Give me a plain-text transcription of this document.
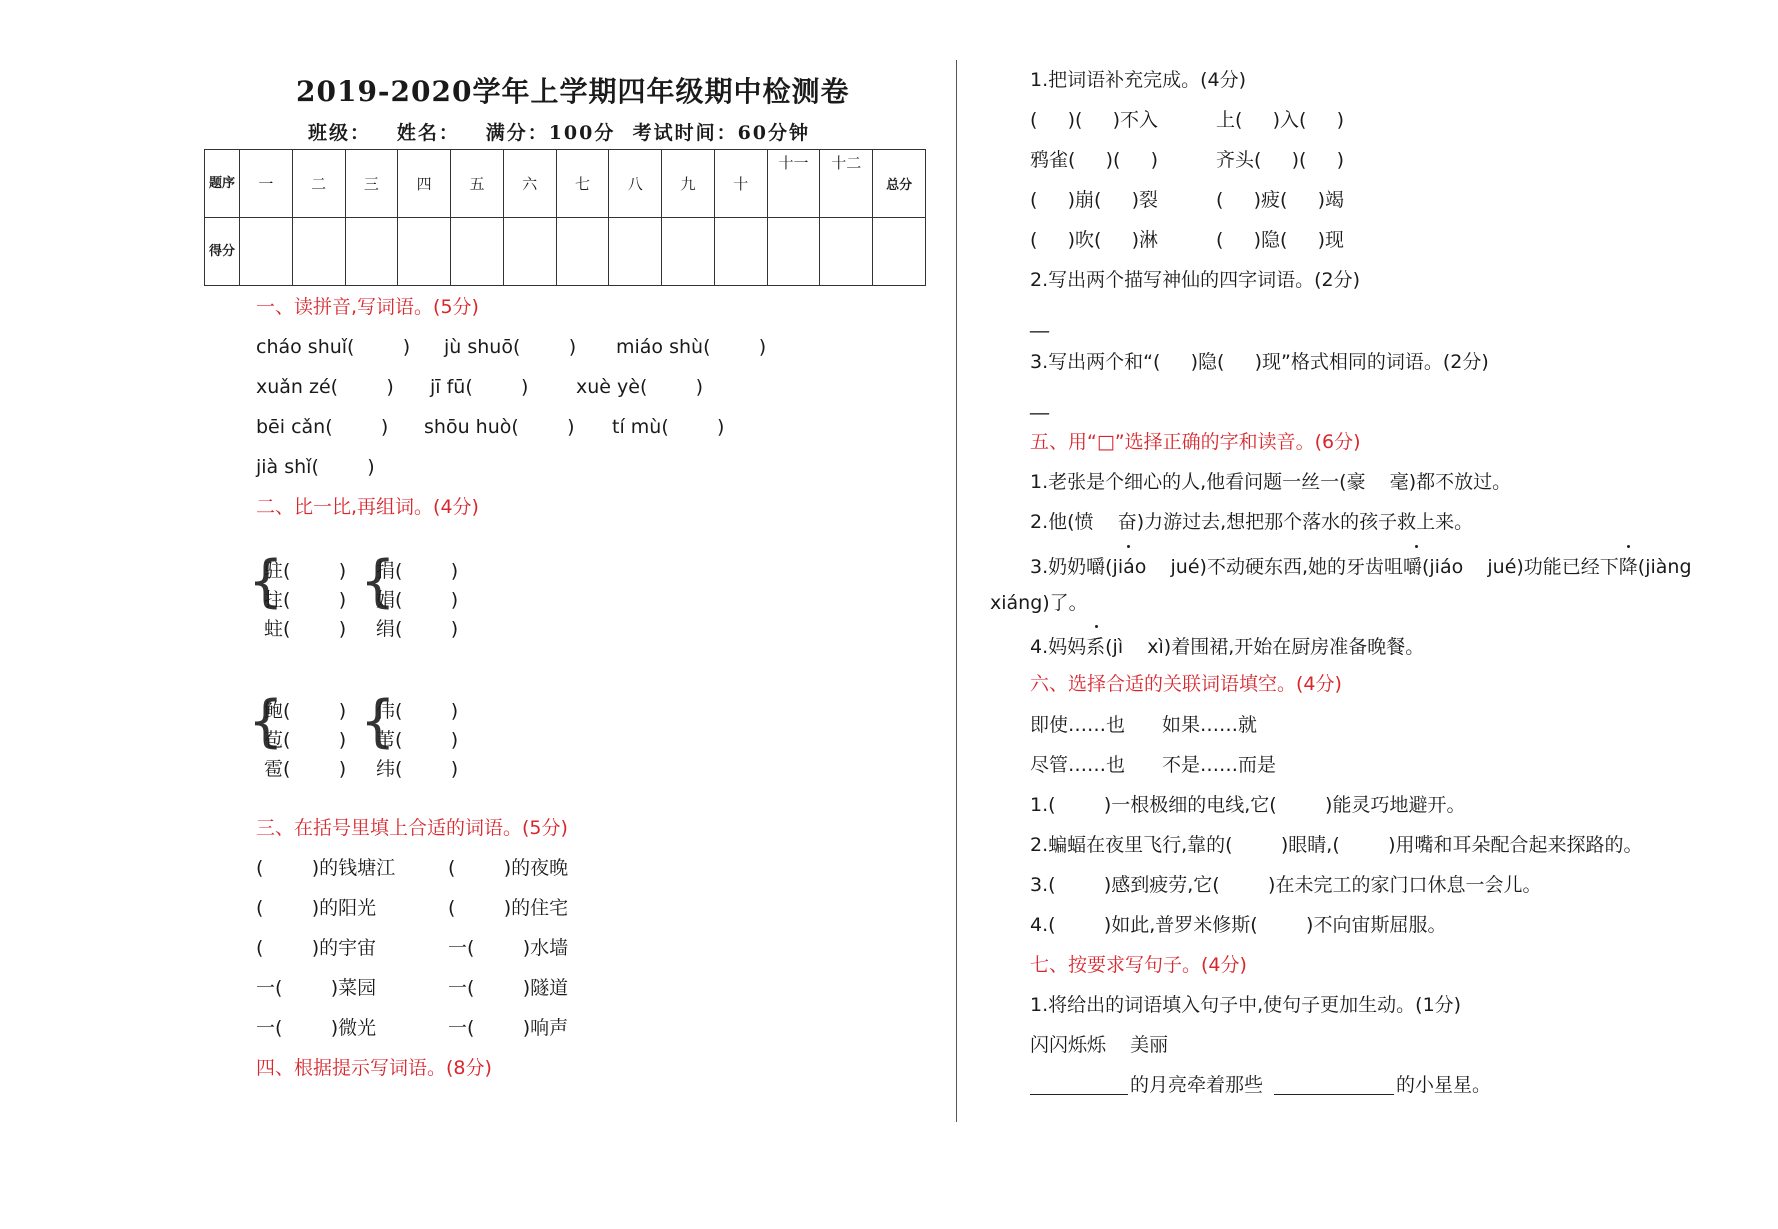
2019-2020学年上学期四年级期中检测卷
班级：   姓名：   满分：100分  考试时间：60分钟
题序	一	二	三	四	五	六	七	八	九	十	十一	十二	总分
得分													
一、读拼音,写词语。(5分)
cháo shuǐ(        ) jù shuō(        ) miáo shù(        )
xuǎn zé(        ) jī fū(        )	xuè yè(        )
bēi cǎn(        ) shōu huò(        ) tí mù(        )
jià shǐ(        )
二、比一比,再组词。(4分)
{
驻(        )
拄(        )
蛀(        )
{
捐(        )
娟(        )
绢(        )
{
鲍(        )
苞(        )
雹(        )
{
伟(        )
苇(        )
纬(        )
三、在括号里填上合适的词语。(5分)
(        )的钱塘江	(        )的夜晚
(        )的阳光	(        )的住宅
(        )的宇宙	一(        )水墙
一(        )菜园	一(        )隧道
一(        )微光	一(        )响声
四、根据提示写词语。(8分)
1.把词语补充完成。(4分)
(     )(     )不入	上(     )入(     )
鸦雀(     )(     )	齐头(     )(     )
(     )崩(     )裂	(     )疲(     )竭
(     )吹(     )淋	(     )隐(     )现
2.写出两个描写神仙的四字词语。(2分)
__
3.写出两个和“(     )隐(     )现”格式相同的词语。(2分)
__
五、用“□”选择正确的字和读音。(6分)
1.老张是个细心的人,他看问题一丝一(豪    毫)都不放过。
2.他(愤    奋)力游过去,想把那个落水的孩子救上来。
3.奶奶嚼(jiáo    jué)不动硬东西,她的牙齿咀嚼(jiáo    jué)功能已经下降(jiàng
xiáng)了。
4.妈妈系(jì    xì)着围裙,开始在厨房准备晚餐。
六、选择合适的关联词语填空。(4分)
即使……也 如果……就
尽管……也 不是……而是
1.(        )一根极细的电线,它(        )能灵巧地避开。
2.蝙蝠在夜里飞行,靠的(        )眼睛,(        )用嘴和耳朵配合起来探路的。
3.(        )感到疲劳,它(        )在未完工的家门口休息一会儿。
4.(        )如此,普罗米修斯(        )不向宙斯屈服。
七、按要求写句子。(4分)
1.将给出的词语填入句子中,使句子更加生动。(1分)
闪闪烁烁    美丽
的月亮牵着那些	的小星星。
